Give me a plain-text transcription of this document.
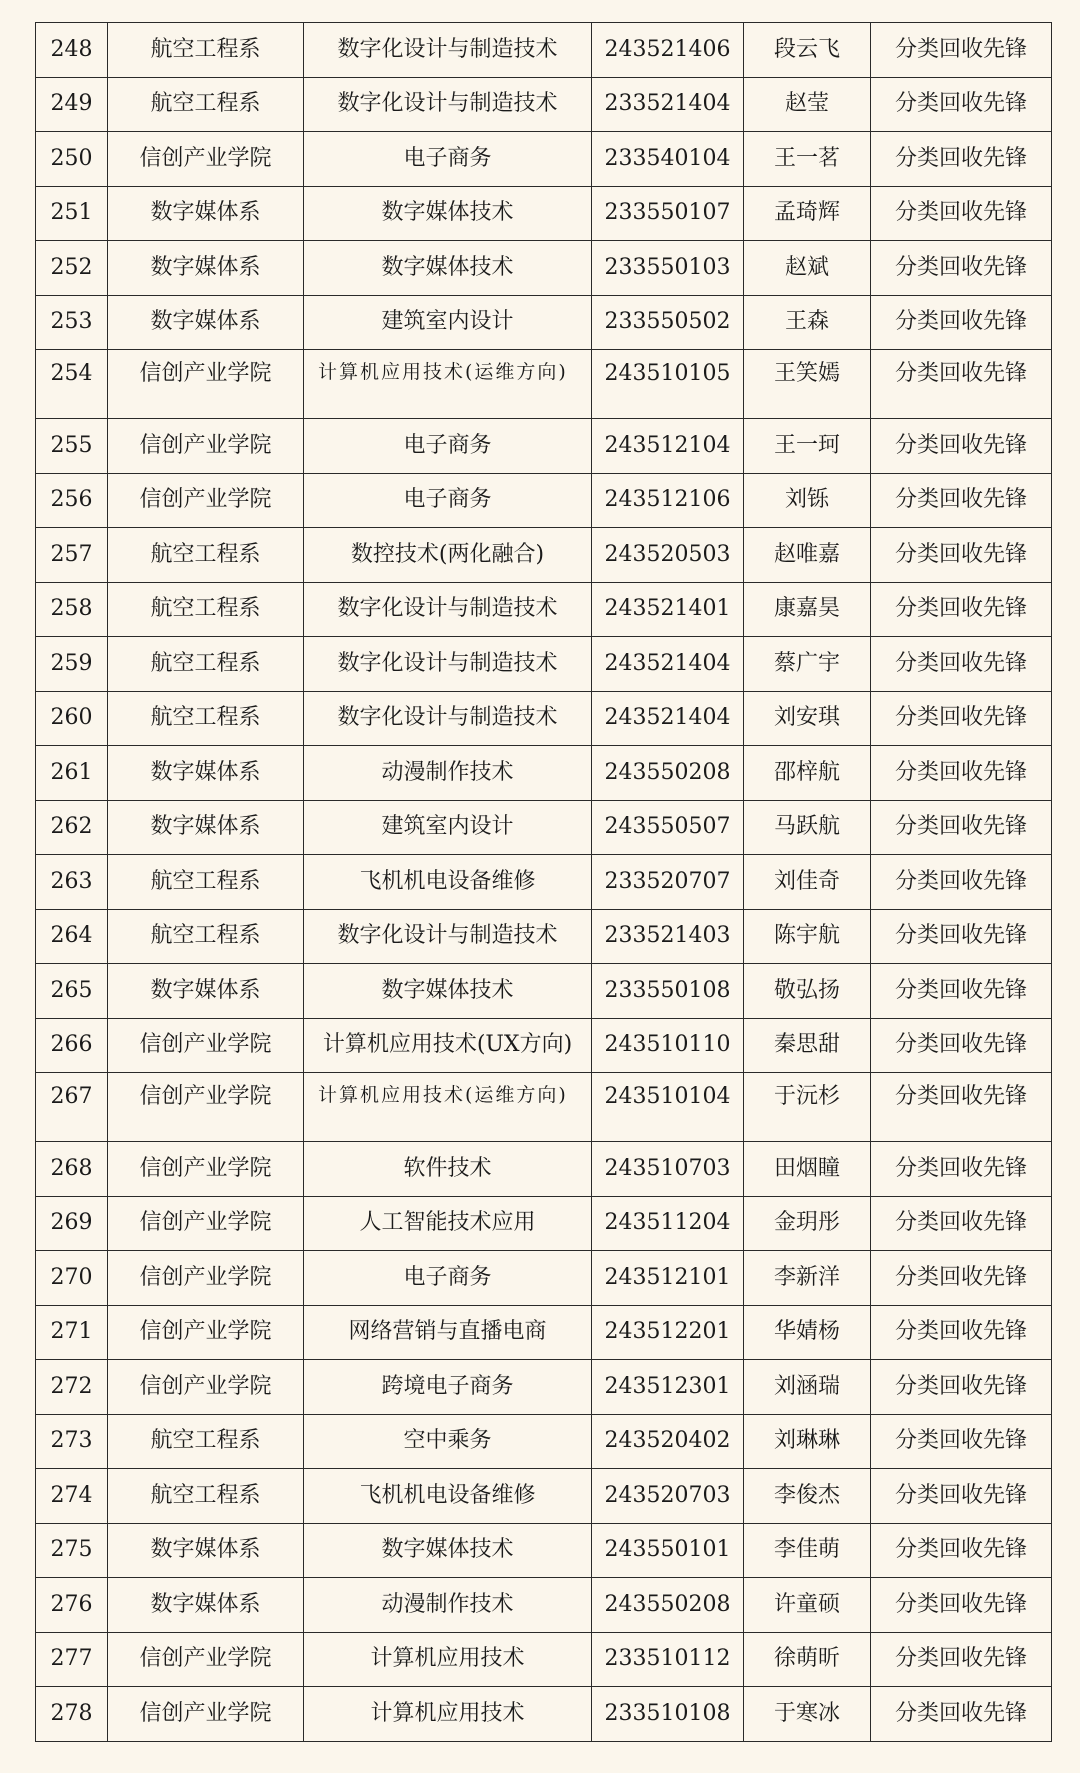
248	航空工程系	数字化设计与制造技术	243521406	段云飞	分类回收先锋
249	航空工程系	数字化设计与制造技术	233521404	赵莹	分类回收先锋
250	信创产业学院	电子商务	233540104	王一茗	分类回收先锋
251	数字媒体系	数字媒体技术	233550107	孟琦辉	分类回收先锋
252	数字媒体系	数字媒体技术	233550103	赵斌	分类回收先锋
253	数字媒体系	建筑室内设计	233550502	王森	分类回收先锋
254	信创产业学院	计算机应用技术(运维方向)	243510105	王笑嫣	分类回收先锋
255	信创产业学院	电子商务	243512104	王一珂	分类回收先锋
256	信创产业学院	电子商务	243512106	刘铄	分类回收先锋
257	航空工程系	数控技术(两化融合)	243520503	赵唯嘉	分类回收先锋
258	航空工程系	数字化设计与制造技术	243521401	康嘉昊	分类回收先锋
259	航空工程系	数字化设计与制造技术	243521404	蔡广宇	分类回收先锋
260	航空工程系	数字化设计与制造技术	243521404	刘安琪	分类回收先锋
261	数字媒体系	动漫制作技术	243550208	邵梓航	分类回收先锋
262	数字媒体系	建筑室内设计	243550507	马跃航	分类回收先锋
263	航空工程系	飞机机电设备维修	233520707	刘佳奇	分类回收先锋
264	航空工程系	数字化设计与制造技术	233521403	陈宇航	分类回收先锋
265	数字媒体系	数字媒体技术	233550108	敬弘扬	分类回收先锋
266	信创产业学院	计算机应用技术(UX方向)	243510110	秦思甜	分类回收先锋
267	信创产业学院	计算机应用技术(运维方向)	243510104	于沅杉	分类回收先锋
268	信创产业学院	软件技术	243510703	田烟瞳	分类回收先锋
269	信创产业学院	人工智能技术应用	243511204	金玥彤	分类回收先锋
270	信创产业学院	电子商务	243512101	李新洋	分类回收先锋
271	信创产业学院	网络营销与直播电商	243512201	华婧杨	分类回收先锋
272	信创产业学院	跨境电子商务	243512301	刘涵瑞	分类回收先锋
273	航空工程系	空中乘务	243520402	刘琳琳	分类回收先锋
274	航空工程系	飞机机电设备维修	243520703	李俊杰	分类回收先锋
275	数字媒体系	数字媒体技术	243550101	李佳萌	分类回收先锋
276	数字媒体系	动漫制作技术	243550208	许童硕	分类回收先锋
277	信创产业学院	计算机应用技术	233510112	徐萌昕	分类回收先锋
278	信创产业学院	计算机应用技术	233510108	于寒冰	分类回收先锋
